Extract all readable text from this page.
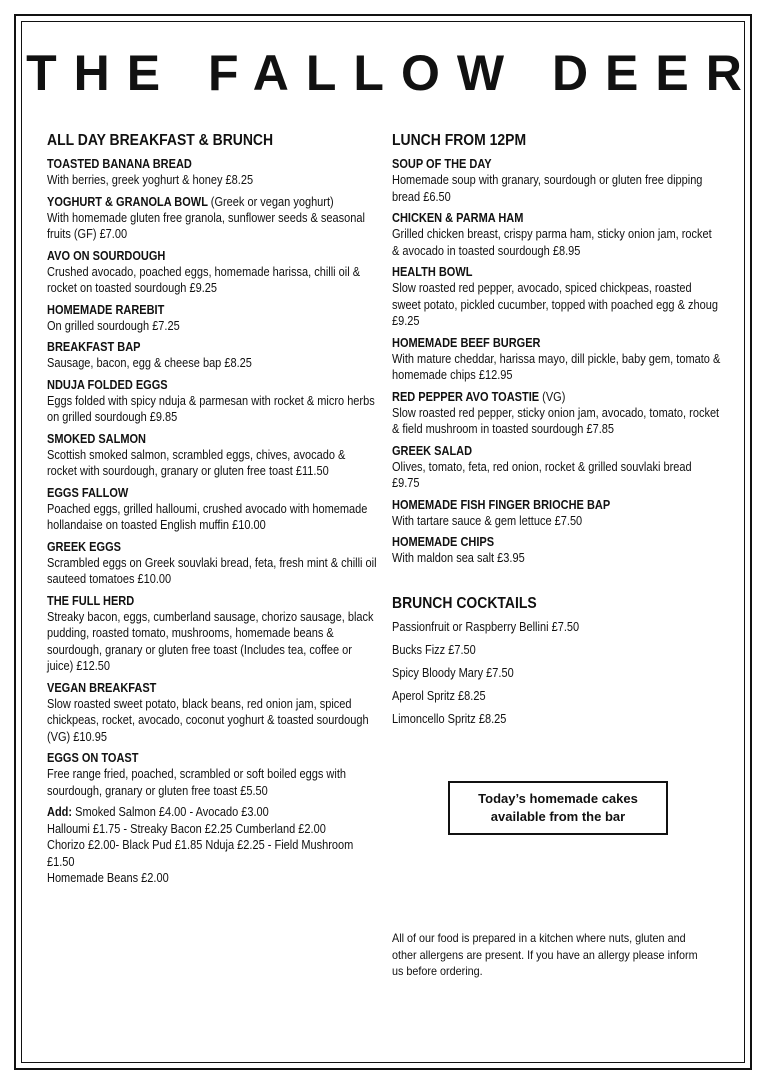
THE FALLOW DEER
ALL DAY BREAKFAST & BRUNCH
TOASTED BANANA BREAD
With berries, greek yoghurt & honey £8.25
YOGHURT & GRANOLA BOWL (Greek or vegan yoghurt)
With homemade gluten free granola, sunflower seeds & seasonal fruits (GF) £7.00
AVO ON SOURDOUGH
Crushed avocado, poached eggs, homemade harissa, chilli oil & rocket on toasted sourdough £9.25
HOMEMADE RAREBIT
On grilled sourdough £7.25
BREAKFAST BAP
Sausage, bacon, egg & cheese bap £8.25
NDUJA FOLDED EGGS
Eggs folded with spicy nduja & parmesan with rocket & micro herbs on grilled sourdough £9.85
SMOKED SALMON
Scottish smoked salmon, scrambled eggs, chives, avocado & rocket with sourdough, granary or gluten free toast £11.50
EGGS FALLOW
Poached eggs, grilled halloumi, crushed avocado with homemade hollandaise on toasted English muffin £10.00
GREEK EGGS
Scrambled eggs on Greek souvlaki bread, feta, fresh mint & chilli oil sauteed tomatoes £10.00
THE FULL HERD
Streaky bacon, eggs, cumberland sausage, chorizo sausage, black pudding, roasted tomato, mushrooms, homemade beans & sourdough, granary or gluten free toast (Includes tea, coffee or juice) £12.50
VEGAN BREAKFAST
Slow roasted sweet potato, black beans, red onion jam, spiced chickpeas, rocket, avocado, coconut yoghurt & toasted sourdough (VG) £10.95
EGGS ON TOAST
Free range fried, poached, scrambled or soft boiled eggs with sourdough, granary or gluten free toast £5.50
Add: Smoked Salmon £4.00 - Avocado £3.00
Halloumi £1.75 - Streaky Bacon £2.25 Cumberland £2.00
Chorizo £2.00- Black Pud £1.85 Nduja £2.25 - Field Mushroom £1.50
Homemade Beans £2.00
LUNCH FROM 12PM
SOUP OF THE DAY
Homemade soup with granary, sourdough or gluten free dipping bread £6.50
CHICKEN & PARMA HAM
Grilled chicken breast, crispy parma ham, sticky onion jam, rocket & avocado in toasted sourdough £8.95
HEALTH BOWL
Slow roasted red pepper, avocado, spiced chickpeas, roasted sweet potato, pickled cucumber, topped with poached egg & zhoug £9.25
HOMEMADE BEEF BURGER
With mature cheddar, harissa mayo, dill pickle, baby gem, tomato & homemade chips £12.95
RED PEPPER AVO TOASTIE (VG)
Slow roasted red pepper, sticky onion jam, avocado, tomato, rocket & field mushroom in toasted sourdough £7.85
GREEK SALAD
Olives, tomato, feta, red onion, rocket & grilled souvlaki bread £9.75
HOMEMADE FISH FINGER BRIOCHE BAP
With tartare sauce & gem lettuce £7.50
HOMEMADE CHIPS
With maldon sea salt £3.95
BRUNCH COCKTAILS
Passionfruit or Raspberry Bellini £7.50
Bucks Fizz £7.50
Spicy Bloody Mary £7.50
Aperol Spritz £8.25
Limoncello Spritz £8.25
Today’s homemade cakes
available from the bar
All of our food is prepared in a kitchen where nuts, gluten and other allergens are present. If you have an allergy please inform us before ordering.
